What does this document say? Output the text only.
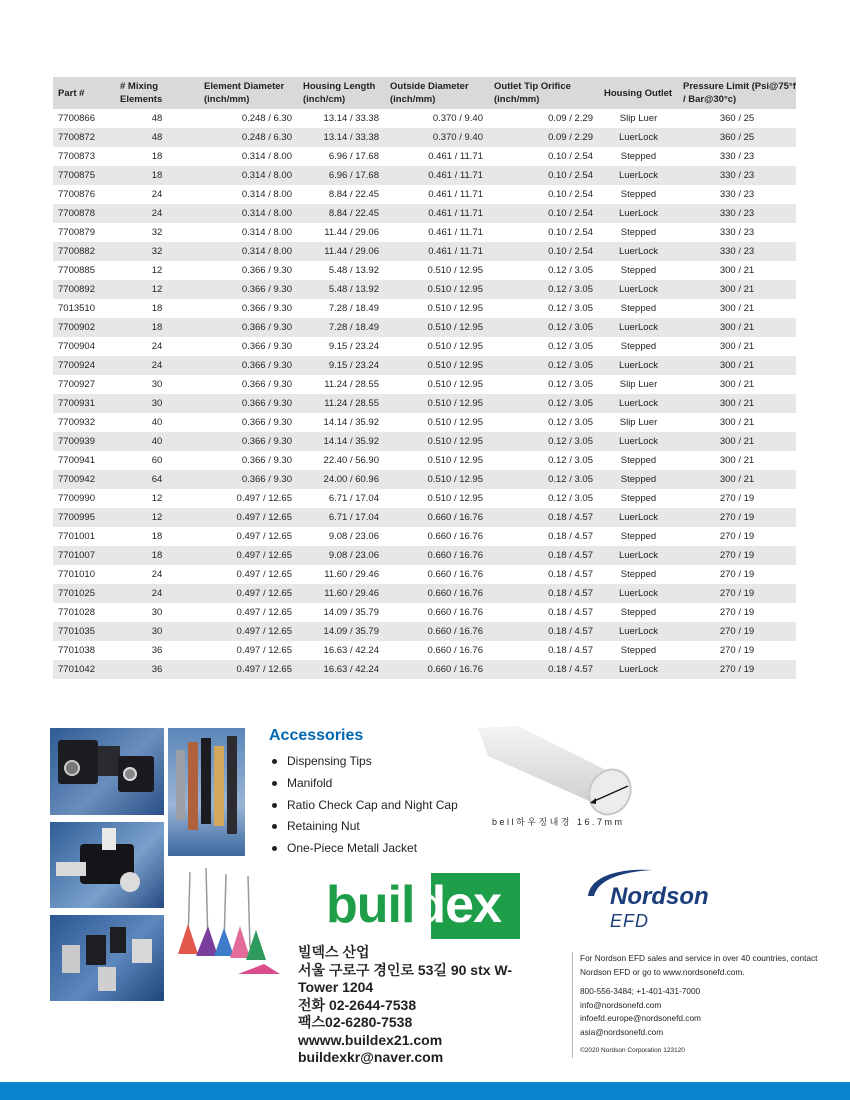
Part #	# Mixing Elements	Element Diameter (inch/mm)	Housing Length (inch/cm)	Outside Diameter (inch/mm)	Outlet Tip Orifice (inch/mm)	Housing Outlet	Pressure Limit (Psi@75°f / Bar@30°c)
7700866	48	0.248 / 6.30	13.14 / 33.38	0.370 / 9.40	0.09 / 2.29	Slip Luer	360 / 25
7700872	48	0.248 / 6.30	13.14 / 33.38	0.370 / 9.40	0.09 / 2.29	LuerLock	360 / 25
7700873	18	0.314 / 8.00	6.96 / 17.68	0.461 / 11.71	0.10 / 2.54	Stepped	330 / 23
7700875	18	0.314 / 8.00	6.96 / 17.68	0.461 / 11.71	0.10 / 2.54	LuerLock	330 / 23
7700876	24	0.314 / 8.00	8.84 / 22.45	0.461 / 11.71	0.10 / 2.54	Stepped	330 / 23
7700878	24	0.314 / 8.00	8.84 / 22.45	0.461 / 11.71	0.10 / 2.54	LuerLock	330 / 23
7700879	32	0.314 / 8.00	11.44 / 29.06	0.461 / 11.71	0.10 / 2.54	Stepped	330 / 23
7700882	32	0.314 / 8.00	11.44 / 29.06	0.461 / 11.71	0.10 / 2.54	LuerLock	330 / 23
7700885	12	0.366 / 9.30	5.48 / 13.92	0.510 / 12.95	0.12 / 3.05	Stepped	300 / 21
7700892	12	0.366 / 9.30	5.48 / 13.92	0.510 / 12.95	0.12 / 3.05	LuerLock	300 / 21
7013510	18	0.366 / 9.30	7.28 / 18.49	0.510 / 12.95	0.12 / 3.05	Stepped	300 / 21
7700902	18	0.366 / 9.30	7.28 / 18.49	0.510 / 12.95	0.12 / 3.05	LuerLock	300 / 21
7700904	24	0.366 / 9.30	9.15 / 23.24	0.510 / 12.95	0.12 / 3.05	Stepped	300 / 21
7700924	24	0.366 / 9.30	9.15 / 23.24	0.510 / 12.95	0.12 / 3.05	LuerLock	300 / 21
7700927	30	0.366 / 9.30	11.24 / 28.55	0.510 / 12.95	0.12 / 3.05	Slip Luer	300 / 21
7700931	30	0.366 / 9.30	11.24 / 28.55	0.510 / 12.95	0.12 / 3.05	LuerLock	300 / 21
7700932	40	0.366 / 9.30	14.14 / 35.92	0.510 / 12.95	0.12 / 3.05	Slip Luer	300 / 21
7700939	40	0.366 / 9.30	14.14 / 35.92	0.510 / 12.95	0.12 / 3.05	LuerLock	300 / 21
7700941	60	0.366 / 9.30	22.40 / 56.90	0.510 / 12.95	0.12 / 3.05	Stepped	300 / 21
7700942	64	0.366 / 9.30	24.00 / 60.96	0.510 / 12.95	0.12 / 3.05	Stepped	300 / 21
7700990	12	0.497 / 12.65	6.71 / 17.04	0.510 / 12.95	0.12 / 3.05	Stepped	270 / 19
7700995	12	0.497 / 12.65	6.71 / 17.04	0.660 / 16.76	0.18 / 4.57	LuerLock	270 / 19
7701001	18	0.497 / 12.65	9.08 / 23.06	0.660 / 16.76	0.18 / 4.57	Stepped	270 / 19
7701007	18	0.497 / 12.65	9.08 / 23.06	0.660 / 16.76	0.18 / 4.57	LuerLock	270 / 19
7701010	24	0.497 / 12.65	11.60 / 29.46	0.660 / 16.76	0.18 / 4.57	Stepped	270 / 19
7701025	24	0.497 / 12.65	11.60 / 29.46	0.660 / 16.76	0.18 / 4.57	LuerLock	270 / 19
7701028	30	0.497 / 12.65	14.09 / 35.79	0.660 / 16.76	0.18 / 4.57	Stepped	270 / 19
7701035	30	0.497 / 12.65	14.09 / 35.79	0.660 / 16.76	0.18 / 4.57	LuerLock	270 / 19
7701038	36	0.497 / 12.65	16.63 / 42.24	0.660 / 16.76	0.18 / 4.57	Stepped	270 / 19
7701042	36	0.497 / 12.65	16.63 / 42.24	0.660 / 16.76	0.18 / 4.57	LuerLock	270 / 19
Accessories
Dispensing Tips
Manifold
Ratio Check Cap and Night Cap
Retaining Nut
One-Piece Metall Jacket
bell하우징내경 16.7mm
buildex
빌덱스 산업
서울 구로구 경인로 53길 90 stx W-
Tower 1204
전화 02-2644-7538
팩스02-6280-7538
wwww.buildex21.com
buildexkr@naver.com
Nordson
EFD
For Nordson EFD sales and service in over 40 countries, contact Nordson EFD or go to www.nordsonefd.com.
800-556-3484; +1-401-431-7000
info@nordsonefd.com
infoefd.europe@nordsonefd.com
asia@nordsonefd.com
©2020 Nordson Corporation 123120
